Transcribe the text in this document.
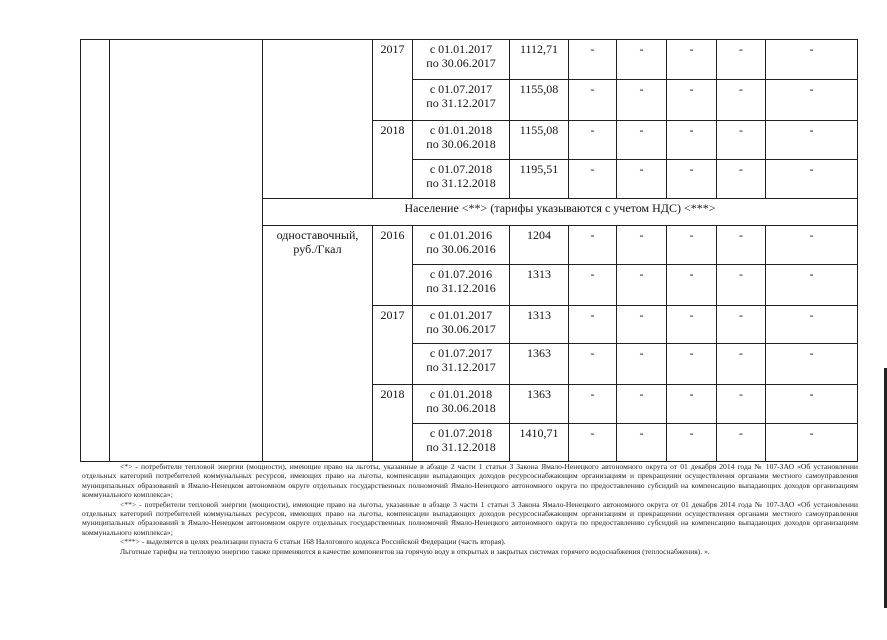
			2017	с 01.01.2017
по 30.06.2017	1112,71	-	-	-	-	-
				с 01.07.2017
по 31.12.2017	1155,08	-	-	-	-	-
			2018	с 01.01.2018
по 30.06.2018	1155,08	-	-	-	-	-
				с 01.07.2018
по 31.12.2018	1195,51	-	-	-	-	-
		Население <**> (тарифы указываются с учетом НДС) <***>								
		одноставочный,
руб./Гкал	2016	с 01.01.2016
по 30.06.2016	1204	-	-	-	-	-
				с 01.07.2016
по 31.12.2016	1313	-	-	-	-	-
			2017	с 01.01.2017
по 30.06.2017	1313	-	-	-	-	-
				с 01.07.2017
по 31.12.2017	1363	-	-	-	-	-
			2018	с 01.01.2018
по 30.06.2018	1363	-	-	-	-	-
				с 01.07.2018
по 31.12.2018	1410,71	-	-	-	-	-

<*> - потребители тепловой энергии (мощности), имеющие право на льготы, указанные в абзаце 2 части 1 статьи 3 Закона Ямало-Ненецкого автономного округа от 01 декабря 2014 года № 107-ЗАО «Об установлении отдельных категорий потребителей коммунальных ресурсов, имеющих право на льготы, компенсации выпадающих доходов ресурсоснабжающим организациям и прекращении осуществления органами местного самоуправления муниципальных образований в Ямало-Ненецком автономном округе отдельных государственных полномочий Ямало-Ненецкого автономного округа по предоставлению субсидий на компенсацию выпадающих доходов организациям коммунального комплекса»;

<**> - потребители тепловой энергии (мощности), имеющие право на льготы, указанные в абзаце 3 части 1 статьи 3 Закона Ямало-Ненецкого автономного округа от 01 декабря 2014 года № 107-ЗАО «Об установлении отдельных категорий потребителей коммунальных ресурсов, имеющих право на льготы, компенсации выпадающих доходов ресурсоснабжающим организациям и прекращении осуществления органами местного самоуправления муниципальных образований в Ямало-Ненецком автономном округе отдельных государственных полномочий Ямало-Ненецкого автономного округа по предоставлению субсидий на компенсацию выпадающих доходов организациям коммунального комплекса»;

<***> - выделяется в целях реализации пункта 6 статьи 168 Налогового кодекса Российской Федерации (часть вторая).

Льготные тарифы на тепловую энергию также применяются в качестве компонентов на горячую воду в открытых и закрытых системах горячего водоснабжения (теплоснабжения). ».
